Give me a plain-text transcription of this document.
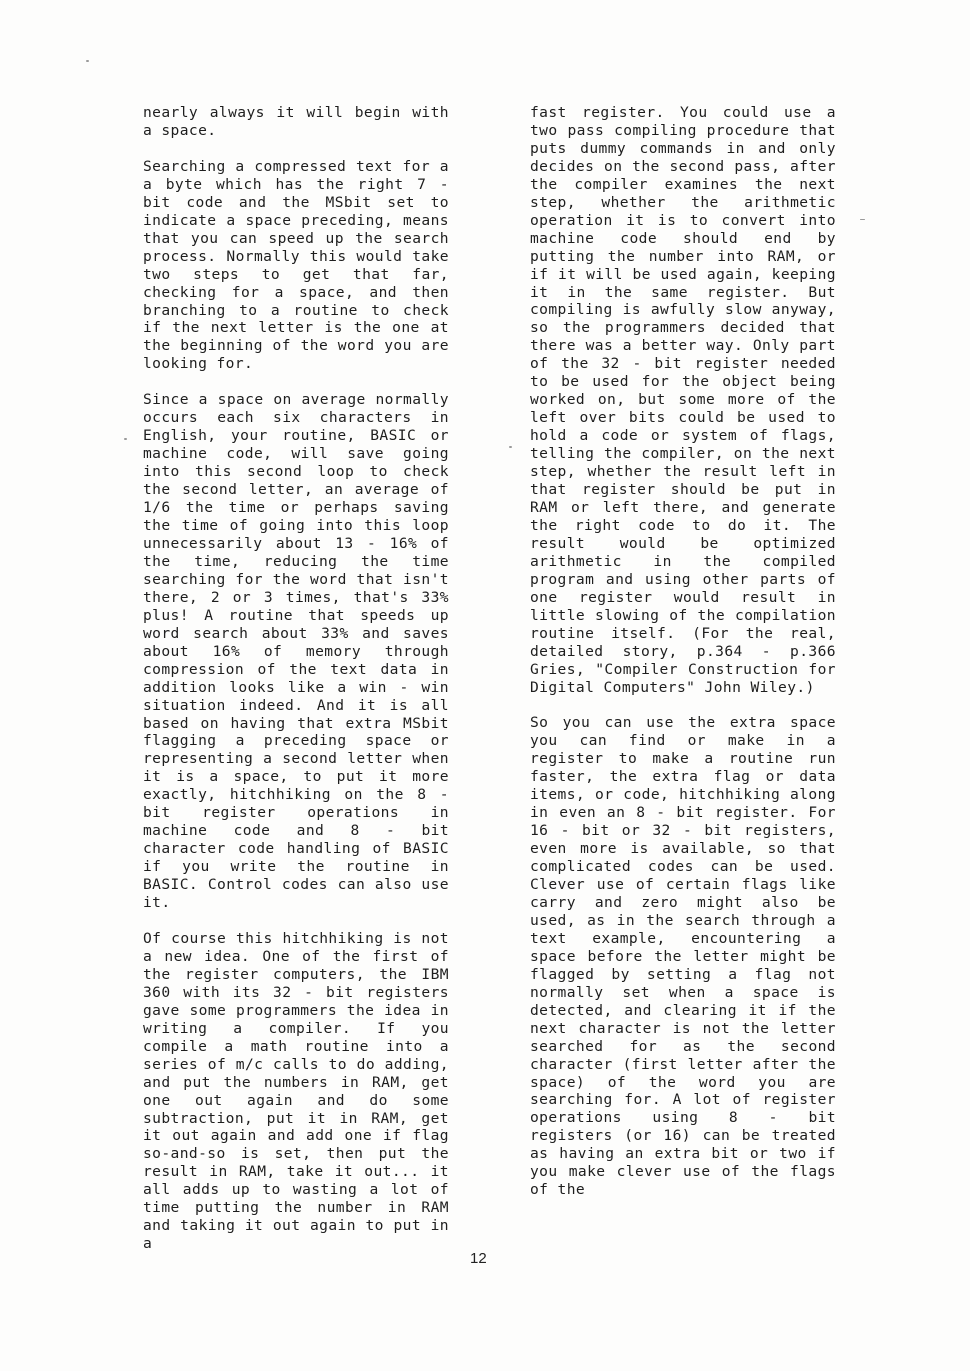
nearly always it will begin with a space.

Searching a compressed text for a a byte which has the right 7 - bit code and the MSbit set to indicate a space preceding, means that you can speed up the search process. Normally this would take two steps to get that far, checking for a space, and then branching to a routine to check if the next letter is the one at the beginning of the word you are looking for.

Since a space on average normally occurs each six characters in English, your routine, BASIC or machine code, will save going into this second loop to check the second letter, an average of 1/6 the time or perhaps saving the time of going into this loop unnecessarily about 13 - 16% of the time, reducing the time searching for the word that isn't there, 2 or 3 times, that's 33% plus! A routine that speeds up word search about 33% and saves about 16% of memory through compression of the text data in addition looks like a win - win situation indeed. And it is all based on having that extra MSbit flagging a preceding space or representing a second letter when it is a space, to put it more exactly, hitchhiking on the 8 - bit register operations in machine code and 8 - bit character code handling of BASIC if you write the routine in BASIC. Control codes can also use it.

Of course this hitchhiking is not a new idea. One of the first of the register computers, the IBM 360 with its 32 - bit registers gave some programmers the idea in writing a compiler. If you compile a math routine into a series of m/c calls to do adding, and put the numbers in RAM, get one out again and do some subtraction, put it in RAM, get it out again and add one if flag so-and-so is set, then put the result in RAM, take it out... it all adds up to wasting a lot of time putting the number in RAM and taking it out again to put in a

fast register. You could use a two pass compiling procedure that puts dummy commands in and only decides on the second pass, after the compiler examines the next step, whether the arithmetic operation it is to convert into machine code should end by putting the number into RAM, or if it will be used again, keeping it in the same register. But compiling is awfully slow anyway, so the programmers decided that there was a better way. Only part of the 32 - bit register needed to be used for the object being worked on, but some more of the left over bits could be used to hold a code or system of flags, telling the compiler, on the next step, whether the result left in that register should be put in RAM or left there, and generate the right code to do it. The result would be optimized arithmetic in the compiled program and using other parts of one register would result in little slowing of the compilation routine itself. (For the real, detailed story, p.364 - p.366 Gries, "Compiler Construction for Digital Computers" John Wiley.)

So you can use the extra space you can find or make in a register to make a routine run faster, the extra flag or data items, or code, hitchhiking along in even an 8 - bit register. For 16 - bit or 32 - bit registers, even more is available, so that complicated codes can be used. Clever use of certain flags like carry and zero might also be used, as in the search through a text example, encountering a space before the letter might be flagged by setting a flag not normally set when a space is detected, and clearing it if the next character is not the letter searched for as the second character (first letter after the space) of the word you are searching for. A lot of register operations using 8 - bit registers (or 16) can be treated as having an extra bit or two if you make clever use of the flags of the

12
